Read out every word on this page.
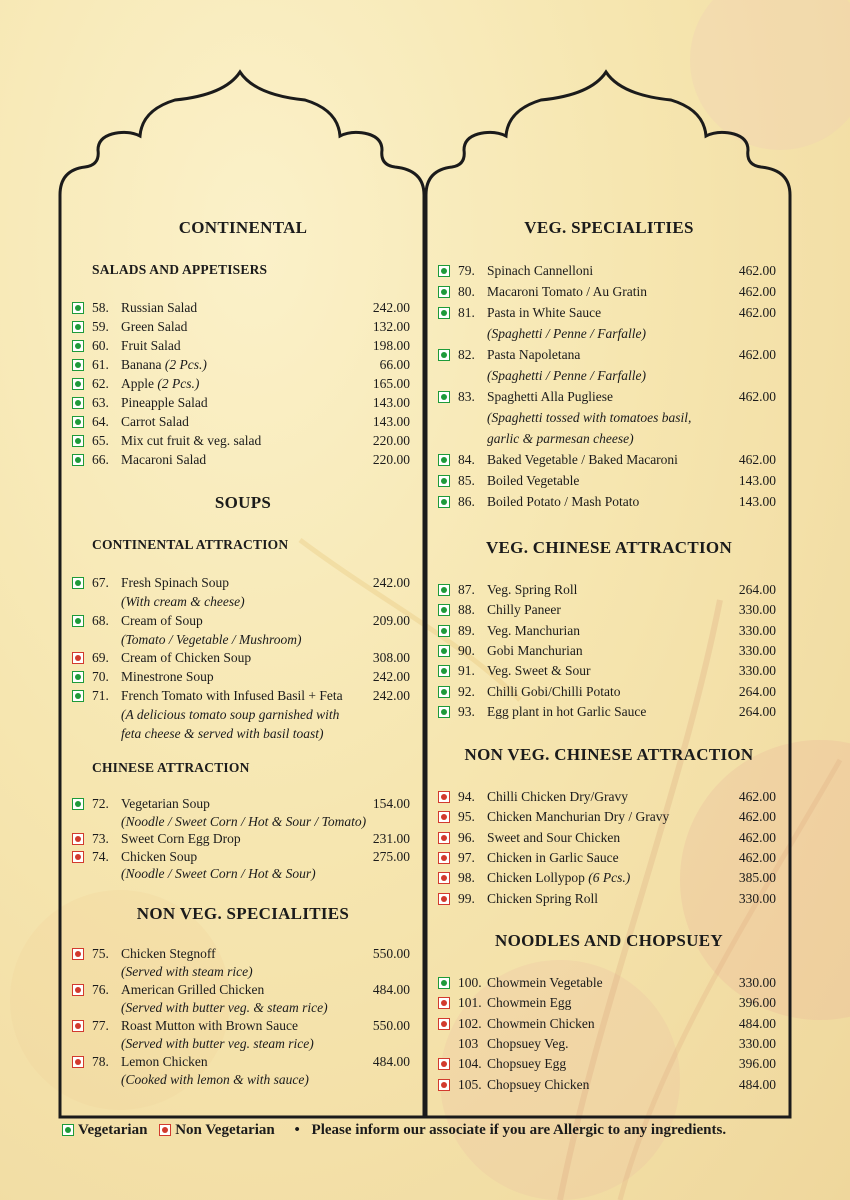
CONTINENTAL
SALADS AND APPETISERS
58. Russian Salad	242.00
59. Green Salad	132.00
60. Fruit Salad	198.00
61. Banana (2 Pcs.)	66.00
62. Apple (2 Pcs.)	165.00
63. Pineapple Salad	143.00
64. Carrot Salad	143.00
65. Mix cut fruit & veg. salad	220.00
66. Macaroni Salad	220.00
SOUPS
CONTINENTAL ATTRACTION
67. Fresh Spinach Soup	242.00
(With cream & cheese)
68. Cream of Soup	209.00
(Tomato / Vegetable / Mushroom)
69. Cream of Chicken Soup	308.00
70. Minestrone Soup	242.00
71. French Tomato with Infused Basil + Feta 242.00
(A delicious tomato soup garnished with
feta cheese & served with basil toast)
CHINESE ATTRACTION
72. Vegetarian Soup	154.00
(Noodle / Sweet Corn / Hot & Sour / Tomato)
73. Sweet Corn Egg Drop	231.00
74. Chicken Soup	275.00
(Noodle / Sweet Corn / Hot & Sour)
NON VEG. SPECIALITIES
75. Chicken Stegnoff	550.00
(Served with steam rice)
76. American Grilled Chicken	484.00
(Served with butter veg. & steam rice)
77. Roast Mutton with Brown Sauce	550.00
(Served with butter veg. steam rice)
78. Lemon Chicken	484.00
(Cooked with lemon & with sauce)
VEG. SPECIALITIES
79. Spinach Cannelloni	462.00
80. Macaroni Tomato / Au Gratin	462.00
81. Pasta in White Sauce	462.00
(Spaghetti / Penne / Farfalle)
82. Pasta Napoletana	462.00
(Spaghetti / Penne / Farfalle)
83. Spaghetti Alla Pugliese	462.00
(Spaghetti tossed with tomatoes basil,
garlic & parmesan cheese)
84. Baked Vegetable / Baked Macaroni	462.00
85. Boiled Vegetable	143.00
86. Boiled Potato / Mash Potato	143.00
VEG. CHINESE ATTRACTION
87. Veg. Spring Roll	264.00
88. Chilly Paneer	330.00
89. Veg. Manchurian	330.00
90. Gobi Manchurian	330.00
91. Veg. Sweet & Sour	330.00
92. Chilli Gobi/Chilli Potato	264.00
93. Egg plant in hot Garlic Sauce	264.00
NON VEG. CHINESE ATTRACTION
94. Chilli Chicken Dry/Gravy	462.00
95. Chicken Manchurian Dry / Gravy	462.00
96. Sweet and Sour Chicken	462.00
97. Chicken in Garlic Sauce	462.00
98. Chicken Lollypop (6 Pcs.)	385.00
99. Chicken Spring Roll	330.00
NOODLES AND CHOPSUEY
100. Chowmein Vegetable	330.00
101. Chowmein Egg	396.00
102. Chowmein Chicken	484.00
103 Chopsuey Veg.	330.00
104. Chopsuey Egg	396.00
105. Chopsuey Chicken	484.00
Vegetarian Non Vegetarian • Please inform our associate if you are Allergic to any ingredients.
